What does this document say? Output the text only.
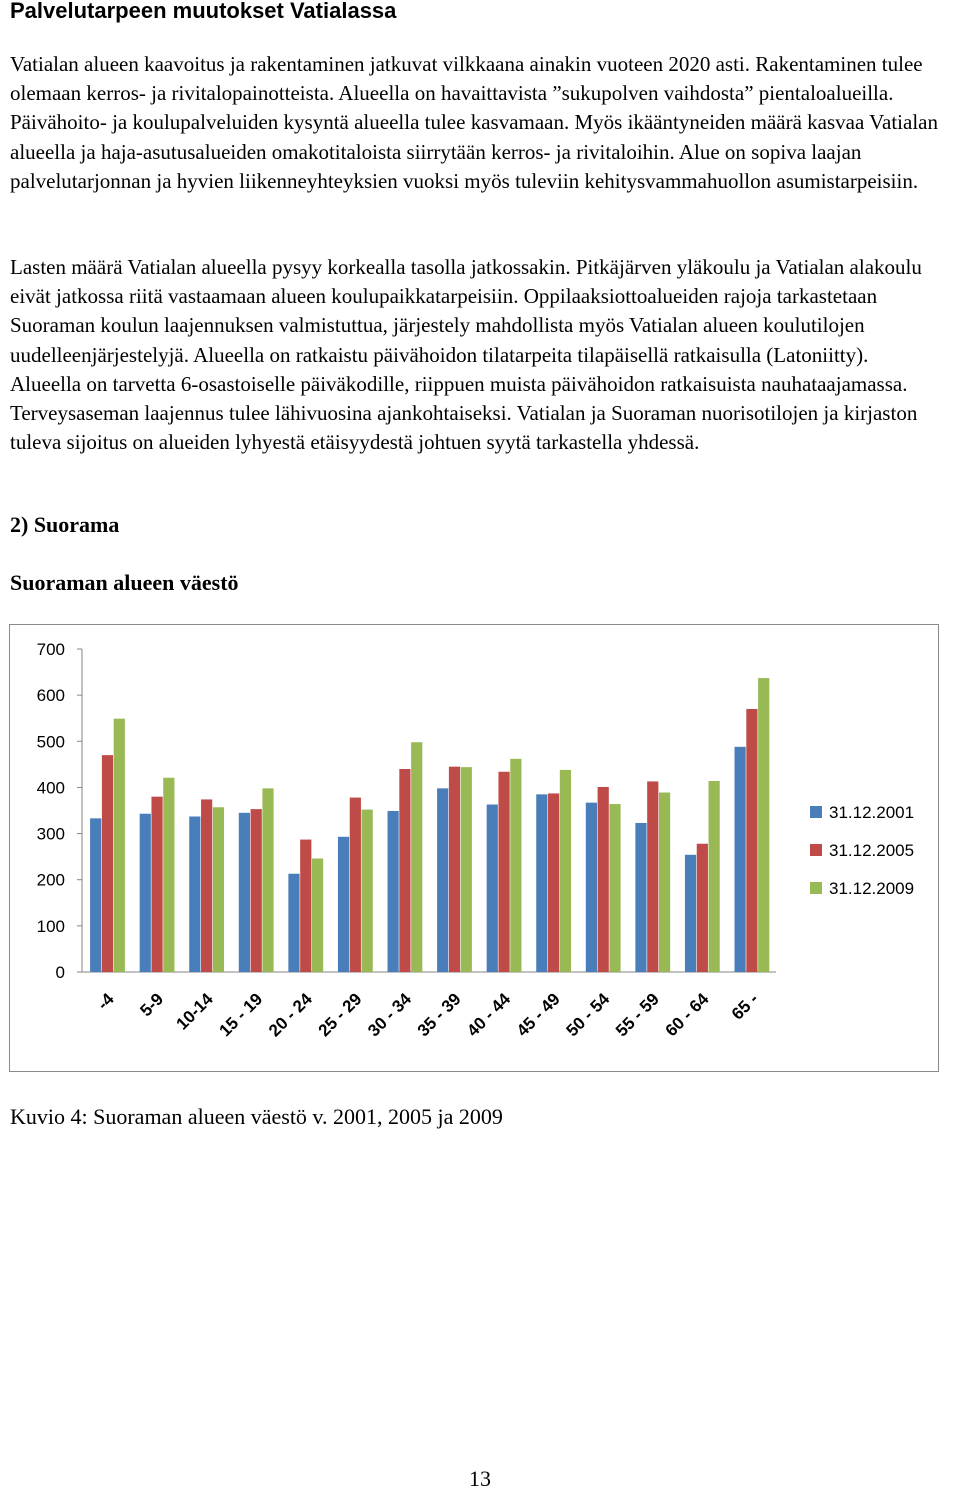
Palvelutarpeen muutokset Vatialassa

Vatialan alueen kaavoitus ja rakentaminen jatkuvat vilkkaana ainakin vuoteen 2020 asti. Rakentaminen tulee olemaan kerros- ja rivitalopainotteista. Alueella on havaittavista ”sukupolven vaihdosta” pientaloalueilla. Päivähoito- ja koulupalveluiden kysyntä alueella tulee kasvamaan. Myös ikääntyneiden määrä kasvaa Vatialan alueella ja haja-asutusalueiden omakotitaloista siirrytään kerros- ja rivitaloihin. Alue on sopiva laajan palvelutarjonnan ja hyvien liikenneyhteyksien vuoksi myös tuleviin kehitysvammahuollon asumistarpeisiin.

Lasten määrä Vatialan alueella pysyy korkealla tasolla jatkossakin. Pitkäjärven yläkoulu ja Vatialan alakoulu eivät jatkossa riitä vastaamaan alueen koulupaikkatarpeisiin. Oppilaaksiottoalueiden rajoja tarkastetaan Suoraman koulun laajennuksen valmistuttua, järjestely mahdollista myös Vatialan alueen koulutilojen uudelleenjärjestelyjä. Alueella on ratkaistu päivähoidon tilatarpeita tilapäisellä ratkaisulla (Latoniitty). Alueella on tarvetta 6-osastoiselle päiväkodille, riippuen muista päivähoidon ratkaisuista nauhataajamassa. Terveysaseman laajennus tulee lähivuosina ajankohtaiseksi. Vatialan ja Suoraman nuorisotilojen ja kirjaston tuleva sijoitus on alueiden lyhyestä etäisyydestä johtuen syytä tarkastella yhdessä.

2) Suorama
Suoraman alueen väestö
0
100
200
300
400
500
600
700
-4 5-9 10-14
15 - 19
20 - 24
25 - 29
30 - 34
35 - 39
40 - 44
45 - 49
50 - 54
55 - 59
60 - 64 65 -
31.12.2001
31.12.2005
31.12.2009

Kuvio 4: Suoraman alueen väestö v. 2001, 2005 ja 2009

13
